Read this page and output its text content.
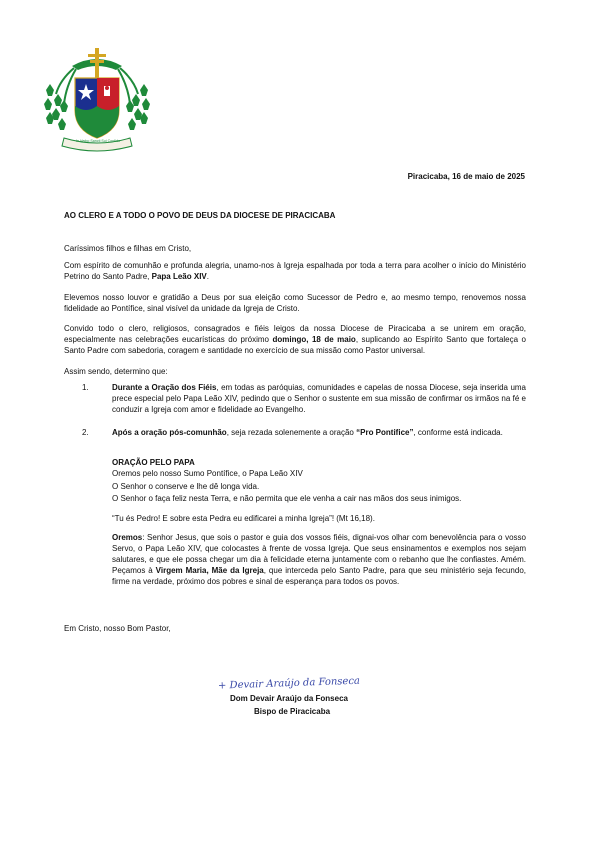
In Verbo Sancti Sui Confido
Piracicaba, 16 de maio de 2025
AO CLERO E A TODO O POVO DE DEUS DA DIOCESE DE PIRACICABA

Caríssimos filhos e filhas em Cristo,

Com espírito de comunhão e profunda alegria, unamo-nos à Igreja espalhada por toda a terra para acolher o início do Ministério Petrino do Santo Padre, Papa Leão XIV.

Elevemos nosso louvor e gratidão a Deus por sua eleição como Sucessor de Pedro e, ao mesmo tempo, renovemos nossa fidelidade ao Pontífice, sinal visível da unidade da Igreja de Cristo.

Convido todo o clero, religiosos, consagrados e fiéis leigos da nossa Diocese de Piracicaba a se unirem em oração, especialmente nas celebrações eucarísticas do próximo domingo, 18 de maio, suplicando ao Espírito Santo que fortaleça o Santo Padre com sabedoria, coragem e santidade no exercício de sua missão como Pastor universal.

Assim sendo, determino que:

1.	Durante a Oração dos Fiéis, em todas as paróquias, comunidades e capelas de nossa Diocese, seja inserida uma prece especial pelo Papa Leão XIV, pedindo que o Senhor o sustente em sua missão de confirmar os irmãos na fé e conduzir a Igreja com amor e fidelidade ao Evangelho.

2.	Após a oração pós-comunhão, seja rezada solenemente a oração “Pro Pontifice”, conforme está indicada.

ORAÇÃO PELO PAPA
Oremos pelo nosso Sumo Pontífice, o Papa Leão XIV
O Senhor o conserve e lhe dê longa vida.
O Senhor o faça feliz nesta Terra, e não permita que ele venha a cair nas mãos dos seus inimigos.
“Tu és Pedro! E sobre esta Pedra eu edificarei a minha Igreja”! (Mt 16,18).

Oremos: Senhor Jesus, que sois o pastor e guia dos vossos fiéis, dignai-vos olhar com benevolência para o vosso Servo, o Papa Leão XIV, que colocastes à frente de vossa Igreja. Que seus ensinamentos e exemplos nos sejam salutares, e que ele possa chegar um dia à felicidade eterna juntamente com o rebanho que lhe confiastes. Amém. Peçamos à Virgem Maria, Mãe da Igreja, que interceda pelo Santo Padre, para que seu ministério seja fecundo, firme na verdade, próximo dos pobres e sinal de esperança para todos os povos.

Em Cristo, nosso Bom Pastor,
+ Devair Araújo da Fonseca
Dom Devair Araújo da Fonseca
Bispo de Piracicaba
